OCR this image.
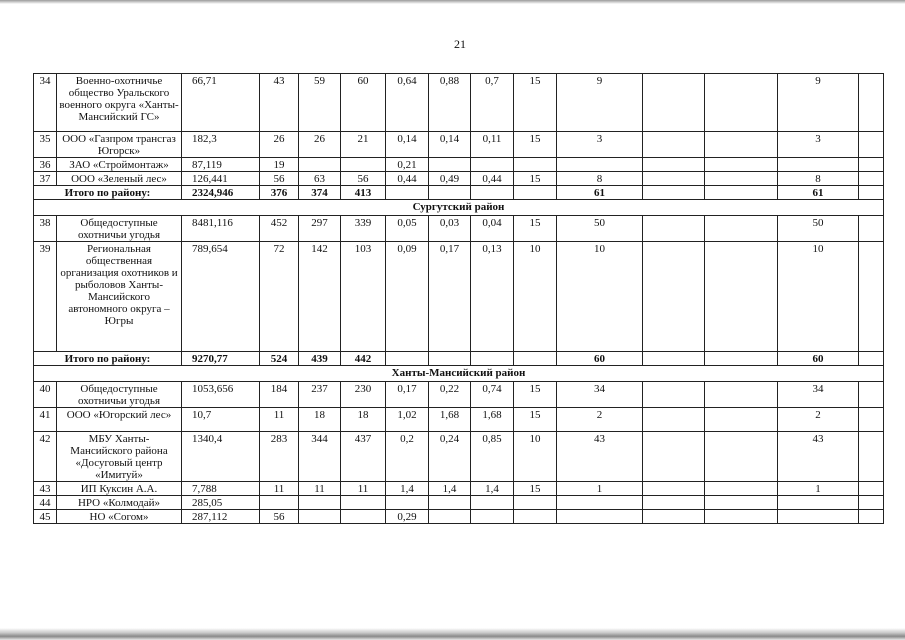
21
34	Военно-охотничье общество Уральского военного округа «Ханты-Мансийский ГС»	66,71	43	59	60	0,64	0,88	0,7	15	9			9	
35	ООО «Газпром трансгаз Югорск»	182,3	26	26	21	0,14	0,14	0,11	15	3			3	
36	ЗАО «Строймонтаж»	87,119	19			0,21								
37	ООО «Зеленый лес»	126,441	56	63	56	0,44	0,49	0,44	15	8			8	
Итого по району:		2324,946	376	374	413					61			61	
Сургутский район														
38	Общедоступные охотничьи угодья	8481,116	452	297	339	0,05	0,03	0,04	15	50			50	
39	Региональная общественная организация охотников и рыболовов Ханты-Мансийского автономного округа – Югры	789,654	72	142	103	0,09	0,17	0,13	10	10			10	
Итого по району:		9270,77	524	439	442					60			60	
Ханты-Мансийский район														
40	Общедоступные охотничьи угодья	1053,656	184	237	230	0,17	0,22	0,74	15	34			34	
41	ООО «Югорский лес»	10,7	11	18	18	1,02	1,68	1,68	15	2			2	
42	МБУ Ханты-Мансийского района «Досуговый центр «Имитуй»	1340,4	283	344	437	0,2	0,24	0,85	10	43			43	
43	ИП Куксин А.А.	7,788	11	11	11	1,4	1,4	1,4	15	1			1	
44	НРО «Колмодай»	285,05												
45	НО «Согом»	287,112	56			0,29								
